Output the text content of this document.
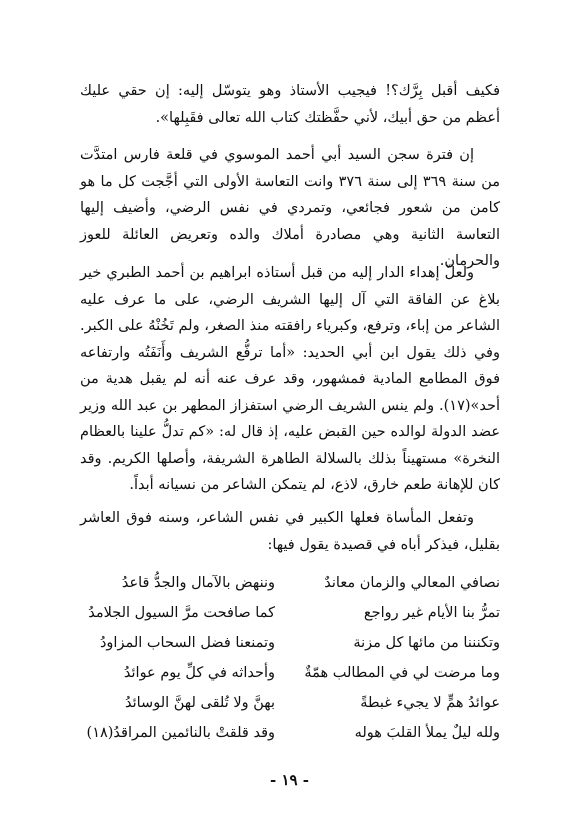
فكيف أقبل بِرَّك؟! فيجيب الأستاذ وهو يتوسّل إليه: إن حقي عليك أعظم من حق أبيك، لأني حفَّظتك كتاب الله تعالى فقَبِلها».

إن فترة سجن السيد أبي أحمد الموسوي في قلعة فارس امتدَّت من سنة ٣٦٩ إلى سنة ٣٧٦ وانت التعاسة الأولى التي أجَّجت كل ما هو كامن من شعور فجائعي، وتمردي في نفس الرضي، وأضيف إليها التعاسة الثانية وهي مصادرة أملاك والده وتعريض العائلة للعوز والحرمان.

ولعلّ إهداء الدار إليه من قبل أستاذه ابراهيم بن أحمد الطبري خير بلاغ عن الفاقة التي آل إليها الشريف الرضي، على ما عرف عليه الشاعر من إباء، وترفع، وكبرياء رافقته منذ الصغر، ولم تَخُنْهُ على الكبر. وفي ذلك يقول ابن أبي الحديد: «أما ترفُّع الشريف وأَنَفَتُه وارتفاعه فوق المطامع المادية فمشهور، وقد عرف عنه أنه لم يقبل هدية من أحد»(١٧). ولم ينس الشريف الرضي استفزاز المطهر بن عبد الله وزير عضد الدولة لوالده حين القبض عليه، إذ قال له: «كم تدلُّ علينا بالعظام النخرة» مستهيناً بذلك بالسلالة الطاهرة الشريفة، وأصلها الكريم. وقد كان للإهانة طعم خارق، لاذع، لم يتمكن الشاعر من نسيانه أبداً.

وتفعل المأساة فعلها الكبير في نفس الشاعر، وسنه فوق العاشر بقليل، فيذكر أباه في قصيدة يقول فيها:

نصافي المعالي والزمان معاندٌ
وننهض بالآمال والجدُّ قاعدُ
تمرُّ بنا الأيام غير رواجع
كما صافحت مرَّ السيول الجلامدُ
وتكنننا من مائها كل مزنة
وتمنعنا فضل السحاب المزاودُ
وما مرضت لي في المطالب همّةٌ
وأحداثه في كلِّ يوم عوائدُ
عوائدُ همٍّ لا يجيء غبطةً
بهنَّ ولا تُلقى لهنَّ الوسائدُ
ولله ليلٌ يملأ القلبَ هوله
وقد قلقتْ بالنائمين المراقدُ(١٨)
- ١٩ -
